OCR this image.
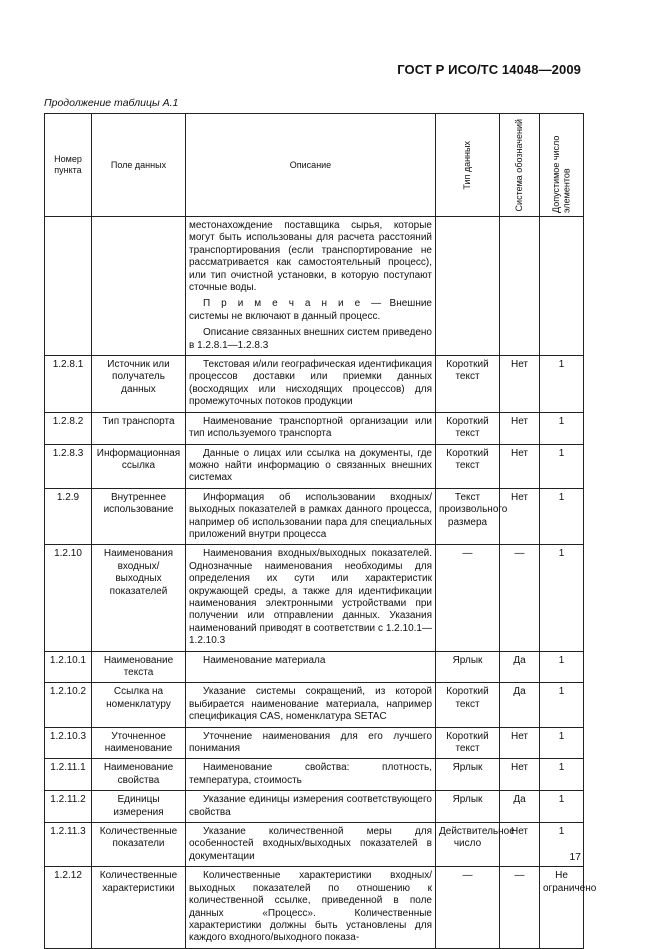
ГОСТ Р ИСО/ТС 14048—2009
Продолжение таблицы А.1
Номер пункта	Поле данных	Описание	Тип данных	Система обозначений	Допустимое число элементов

		местонахождение поставщика сырья, которые могут быть использованы для расчета расстояний транспортирования (если транспортирование не рассматривается как самостоятельный процесс), или тип очистной установки, в которую поступают сточные воды.

П р и м е ч а н и е — Внешние системы не включают в данный процесс.

Описание связанных внешних систем приведено в 1.2.8.1—1.2.8.3			

1.2.8.1	Источник или получатель данных	Текстовая и/или географическая идентификация процессов доставки или приемки данных (восходящих или нисходящих процессов) для промежуточных потоков продукции	Короткий текст	Нет	1
1.2.8.2	Тип транспорта	Наименование транспортной организации или тип используемого транспорта	Короткий текст	Нет	1
1.2.8.3	Информационная ссылка	Данные о лицах или ссылка на документы, где можно найти информацию о связанных внешних системах	Короткий текст	Нет	1
1.2.9	Внутреннее использование	Информация об использовании входных/ выходных показателей в рамках данного процесса, например об использовании пара для специальных приложений внутри процесса	Текст произвольного размера	Нет	1
1.2.10	Наименования входных/выходных показателей	Наименования входных/выходных показателей. Однозначные наименования необходимы для определения их сути или характеристик окружающей среды, а также для идентификации наименования электронными устройствами при получении или отправлении данных. Указания наименований приводят в соответствии с 1.2.10.1—1.2.10.3	—	—	1
1.2.10.1	Наименование текста	Наименование материала	Ярлык	Да	1
1.2.10.2	Ссылка на номенклатуру	Указание системы сокращений, из которой выбирается наименование материала, например спецификация CAS, номенклатура SETAC	Короткий текст	Да	1
1.2.10.3	Уточненное наименование	Уточнение наименования для его лучшего понимания	Короткий текст	Нет	1
1.2.11.1	Наименование свойства	Наименование свойства: плотность, температура, стоимость	Ярлык	Нет	1
1.2.11.2	Единицы измерения	Указание единицы измерения соответствующего свойства	Ярлык	Да	1
1.2.11.3	Количественные показатели	Указание количественной меры для особенностей входных/выходных показателей в документации	Действительное число	Нет	1
1.2.12	Количественные характеристики	Количественные характеристики входных/выходных показателей по отношению к количественной ссылке, приведенной в поле данных «Процесс». Количественные характеристики должны быть установлены для каждого входного/выходного показа-	—	—	Не ограничено
17
